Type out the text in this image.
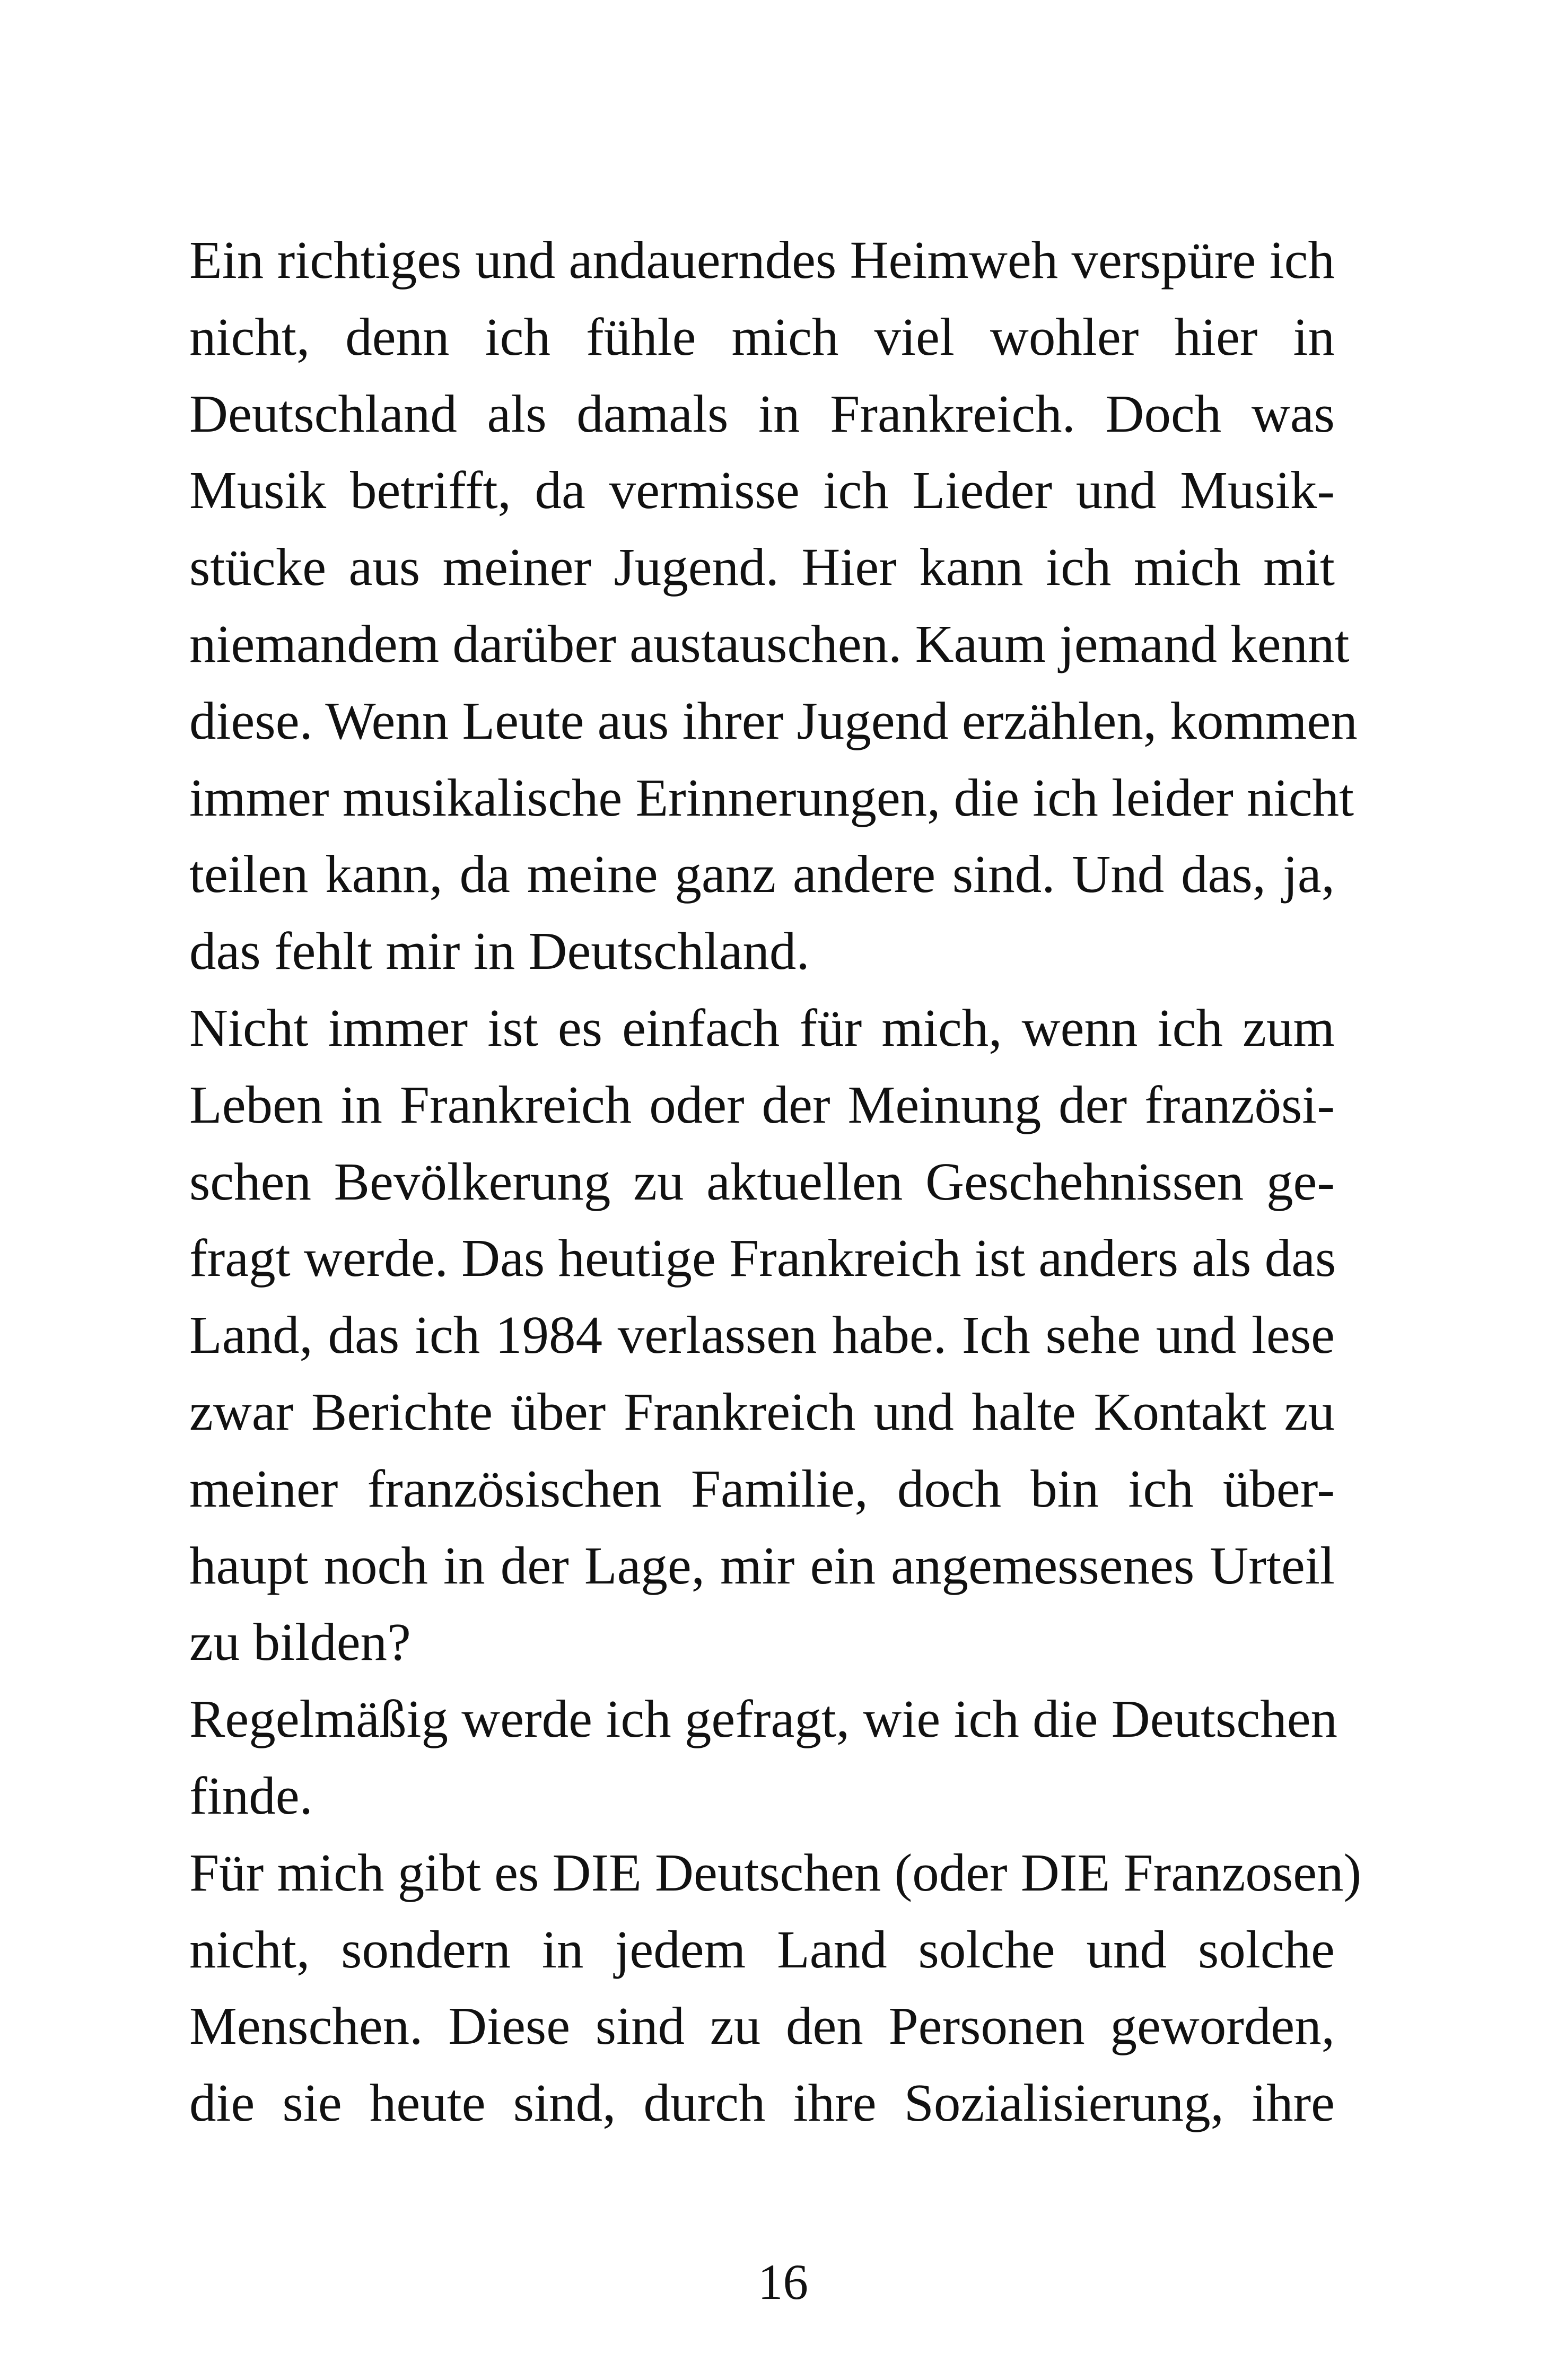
Ein richtiges und andauerndes Heimweh verspüre ich
nicht, denn ich fühle mich viel wohler hier in
Deutschland als damals in Frankreich. Doch was
Musik betrifft, da vermisse ich Lieder und Musik-
stücke aus meiner Jugend. Hier kann ich mich mit
niemandem darüber austauschen. Kaum jemand kennt
diese. Wenn Leute aus ihrer Jugend erzählen, kommen
immer musikalische Erinnerungen, die ich leider nicht
teilen kann, da meine ganz andere sind. Und das, ja,
das fehlt mir in Deutschland.
Nicht immer ist es einfach für mich, wenn ich zum
Leben in Frankreich oder der Meinung der französi-
schen Bevölkerung zu aktuellen Geschehnissen ge-
fragt werde. Das heutige Frankreich ist anders als das
Land, das ich 1984 verlassen habe. Ich sehe und lese
zwar Berichte über Frankreich und halte Kontakt zu
meiner französischen Familie, doch bin ich über-
haupt noch in der Lage, mir ein angemessenes Urteil
zu bilden?
Regelmäßig werde ich gefragt, wie ich die Deutschen
finde.
Für mich gibt es DIE Deutschen (oder DIE Franzosen)
nicht, sondern in jedem Land solche und solche
Menschen. Diese sind zu den Personen geworden,
die sie heute sind, durch ihre Sozialisierung, ihre
16
